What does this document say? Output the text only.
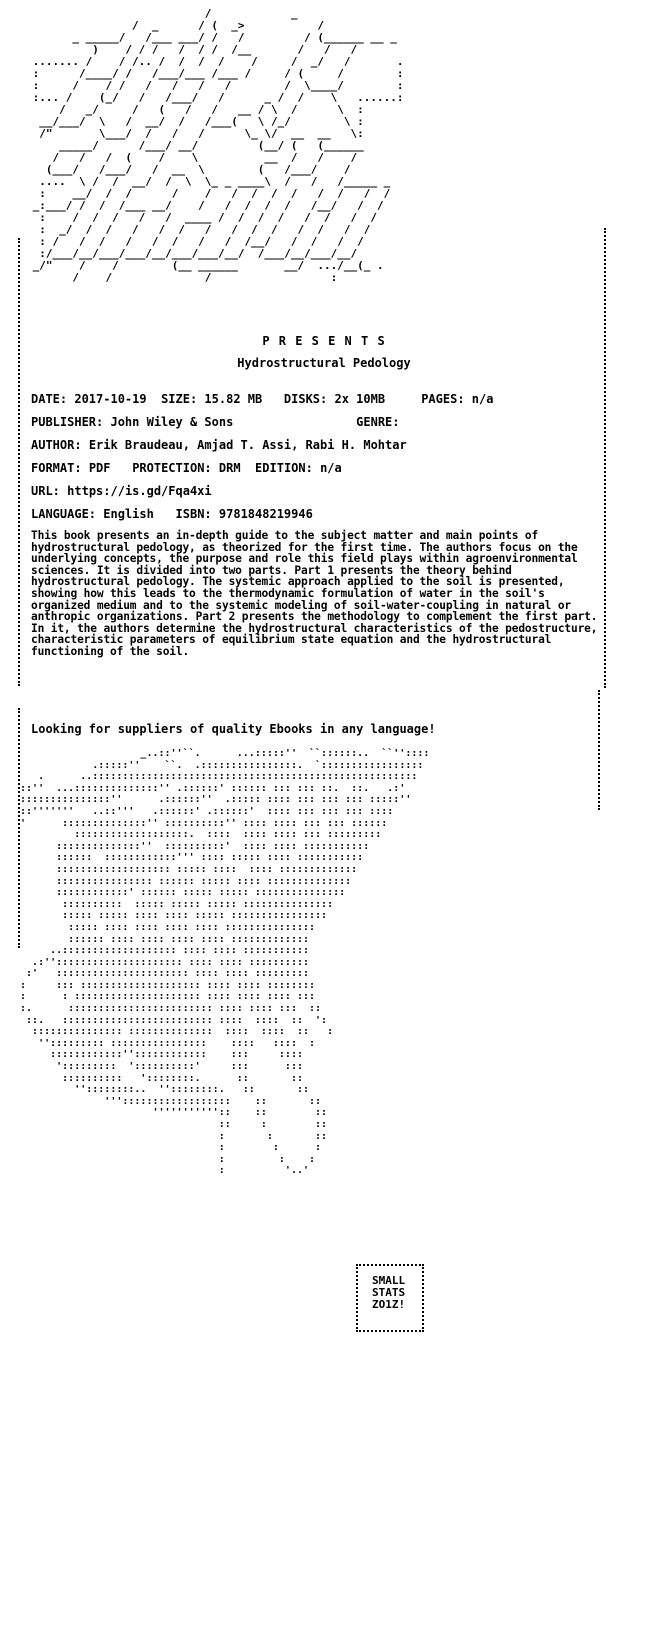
/            _
/  _      / (  _>           /
_ _____/   /___ ___/ /   /         / (______ __ _
)    / / /   /  / /  /__       /   /   /
....... /    / /.. /  /  /  /    /     /  _/   /       .
:      /____/ /   /___/___ /___ /     / (     /        :
:     /    / /   /   /   /   /        /  \____/        :
:... /    (_/   /   /___/   /      _ /  /    \   ......:
/   _/     /   (   /   /   __ / \  /      \  :
__/___/  \   /  __/  /   /___(   \ /_/        \ :
/"       \___/  /   /   /      \_ \/  __  __   \:
_____/      /___/ __/         (__/ (   (______
/   /   /  (    /    \          __  /   /    /
(___/   /___/   /  __  \        (   /___/    /
....  \ /  /  __/  /  \  \_ _ ____\  /   /   /_____ _
:    __/  /  /      /    /   /  /  /  /   /  /   /  /
_:___/ /  /  /___ __/    /   /  /  /  /   /__/   /  /
:    /  /  /   /   /  ____ /  /  /  /   /  /   /  /
:  _/  /  /   /   /  /   /   /  /  /   /  /   /  /
: /   /  /   /   /  /   /   /  /__/   /  /   /  /
:/___/__/___/___/__/___/___/__/  /___/__/___/__/
_/"    /    /        (__ ______       __/  .../__(_ .
/    /              /                  :

P R E S E N T S
Hydrostructural Pedology
DATE: 2017-10-19 SIZE: 15.82 MB DISKS: 2x 10MB	PAGES: n/a
PUBLISHER: John Wiley & Sons	GENRE:
AUTHOR: Erik Braudeau, Amjad T. Assi, Rabi H. Mohtar
FORMAT: PDF PROTECTION: DRM EDITION: n/a
URL: https://is.gd/Fqa4xi
LANGUAGE: English ISBN: 9781848219946
This book presents an in-depth guide to the subject matter and main points of hydrostructural pedology, as theorized for the first time. The authors focus on the underlying concepts, the purpose and role this field plays within agroenvironmental sciences. It is divided into two parts. Part 1 presents the theory behind hydrostructural pedology. The systemic approach applied to the soil is presented, showing how this leads to the thermodynamic formulation of water in the soil's organized medium and to the systemic modeling of soil-water-coupling in natural or anthropic organizations. Part 2 presents the methodology to complement the first part. In it, the authors determine the hydrostructural characteristics of the pedostructure, characteristic parameters of equilibrium state equation and the hydrostructural functioning of the soil.
Looking for suppliers of quality Ebooks in any language!
_..::''``.      ...:::::''  ``::::::..  ``''::::
.:::::''    ``.  .::::::::::::::::.  `:::::::::::::::::
.      ..::::::::::::::::::::::::::::::::::::::::::::::::::::::
::''  ...::::::::::::::'' .::::::' :::::: ::: ::: ::.  ::.   .:'
:::::::::::::::''      .::::::''  .::::: :::: ::: ::: ::: :::::''
::'''''''   ..::'''   .::::::' .::::::'  :::: ::: ::: ::: ::::
'      ::::::::::::::'' ::::::::::'' :::: :::: ::: ::: ::::::
:::::::::::::::::::.  ::::  :::: :::: ::: :::::::::
::::::::::::::''  ::::::::::'  :::: :::: :::::::::::
::::::  ::::::::::::''' :::: ::::: :::: :::::::::::
::::::::::::::::::: ::::: ::::  :::: :::::::::::::
:::::::::::::::: :::::: ::::: :::: ::::::::::::::
::::::::::::' :::::: ::::: ::::: :::::::::::::::
::::::::::  ::::: ::::: ::::: :::::::::::::::
::::: ::::: :::: :::: ::::: ::::::::::::::::
::::: :::: :::: :::: :::: :::::::::::::::
:::::: :::: :::: :::: :::: :::::::::::::
..::::::::::::::::::: :::: :::: :::::::::::
.:''::::::::::::::::::::: :::: :::: ::::::::::
:'   :::::::::::::::::::::: :::: :::: :::::::::
:     ::: :::::::::::::::::::: :::: :::: ::::::::
:      : ::::::::::::::::::::: :::: :::: :::: :::
:.      :::::::::::::::::::::::: :::: :::: :::  ::
::.   ::::::::::::::::::::::::: ::::  ::::  ::  ':
::::::::::::::: ::::::::::::::  ::::  ::::  ::   :
''::::::::: ::::::::::::::::    ::::   ::::  :
::::::::::::''::::::::::::    :::     ::::
':::::::::  '::::::::::'     :::      :::
::::::::::   '::::::::.      ::       ::
''::::::::..  ''::::::::.   ::       ::
'''::::::::::::::::::    ::       ::
'''''''''''::    ::        ::
::     :        ::
:       :       ::
:        :      :
:         :    :
:          '..'

SMALL
STATS
ZO1Z!
